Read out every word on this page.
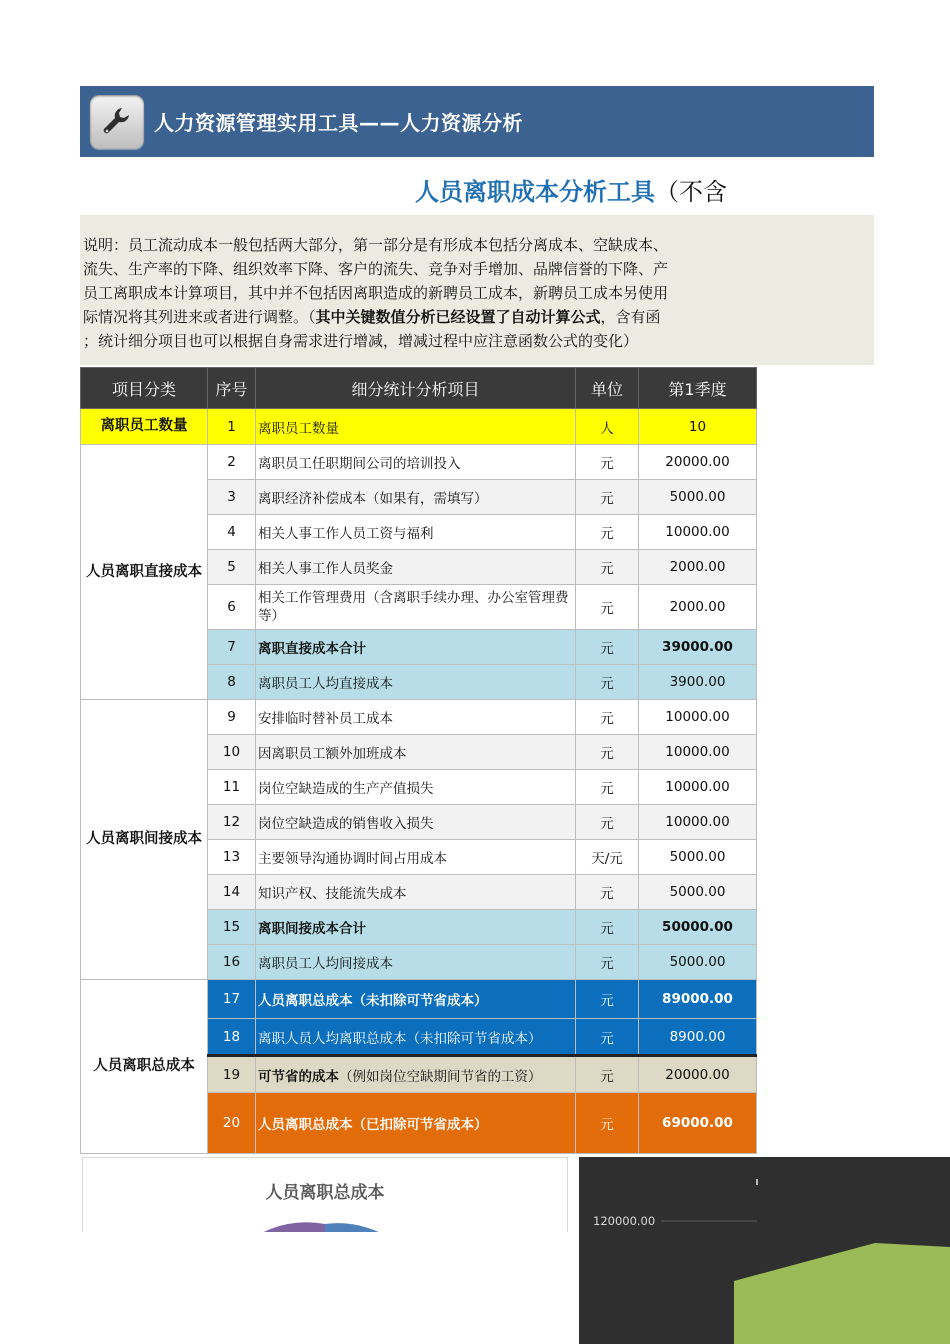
人力资源管理实用工具——人力资源分析
人员离职成本分析工具（不含
说明：员工流动成本一般包括两大部分，第一部分是有形成本包括分离成本、空缺成本、
流失、生产率的下降、组织效率下降、客户的流失、竞争对手增加、品牌信誉的下降、产
员工离职成本计算项目，其中并不包括因离职造成的新聘员工成本，新聘员工成本另使用
际情况将其列进来或者进行调整。（其中关键数值分析已经设置了自动计算公式，含有函
；统计细分项目也可以根据自身需求进行增减，增减过程中应注意函数公式的变化）
项目分类	序号	细分统计分析项目	单位	第1季度
离职员工数量	1	离职员工数量	人	10
人员离职直接成本	2	离职员工任职期间公司的培训投入	元	20000.00
	3	离职经济补偿成本（如果有，需填写）	元	5000.00
	4	相关人事工作人员工资与福利	元	10000.00
	5	相关人事工作人员奖金	元	2000.00
	6	相关工作管理费用（含离职手续办理、办公室管理费等）	元	2000.00
	7	离职直接成本合计	元	39000.00
	8	离职员工人均直接成本	元	3900.00
人员离职间接成本	9	安排临时替补员工成本	元	10000.00
	10	因离职员工额外加班成本	元	10000.00
	11	岗位空缺造成的生产产值损失	元	10000.00
	12	岗位空缺造成的销售收入损失	元	10000.00
	13	主要领导沟通协调时间占用成本	天/元	5000.00
	14	知识产权、技能流失成本	元	5000.00
	15	离职间接成本合计	元	50000.00
	16	离职员工人均间接成本	元	5000.00
人员离职总成本	17	人员离职总成本（未扣除可节省成本）	元	89000.00
	18	离职人员人均离职总成本（未扣除可节省成本）	元	8900.00
	19	可节省的成本（例如岗位空缺期间节省的工资）	元	20000.00
	20	人员离职总成本（已扣除可节省成本）	元	69000.00
人员离职总成本
120000.00
